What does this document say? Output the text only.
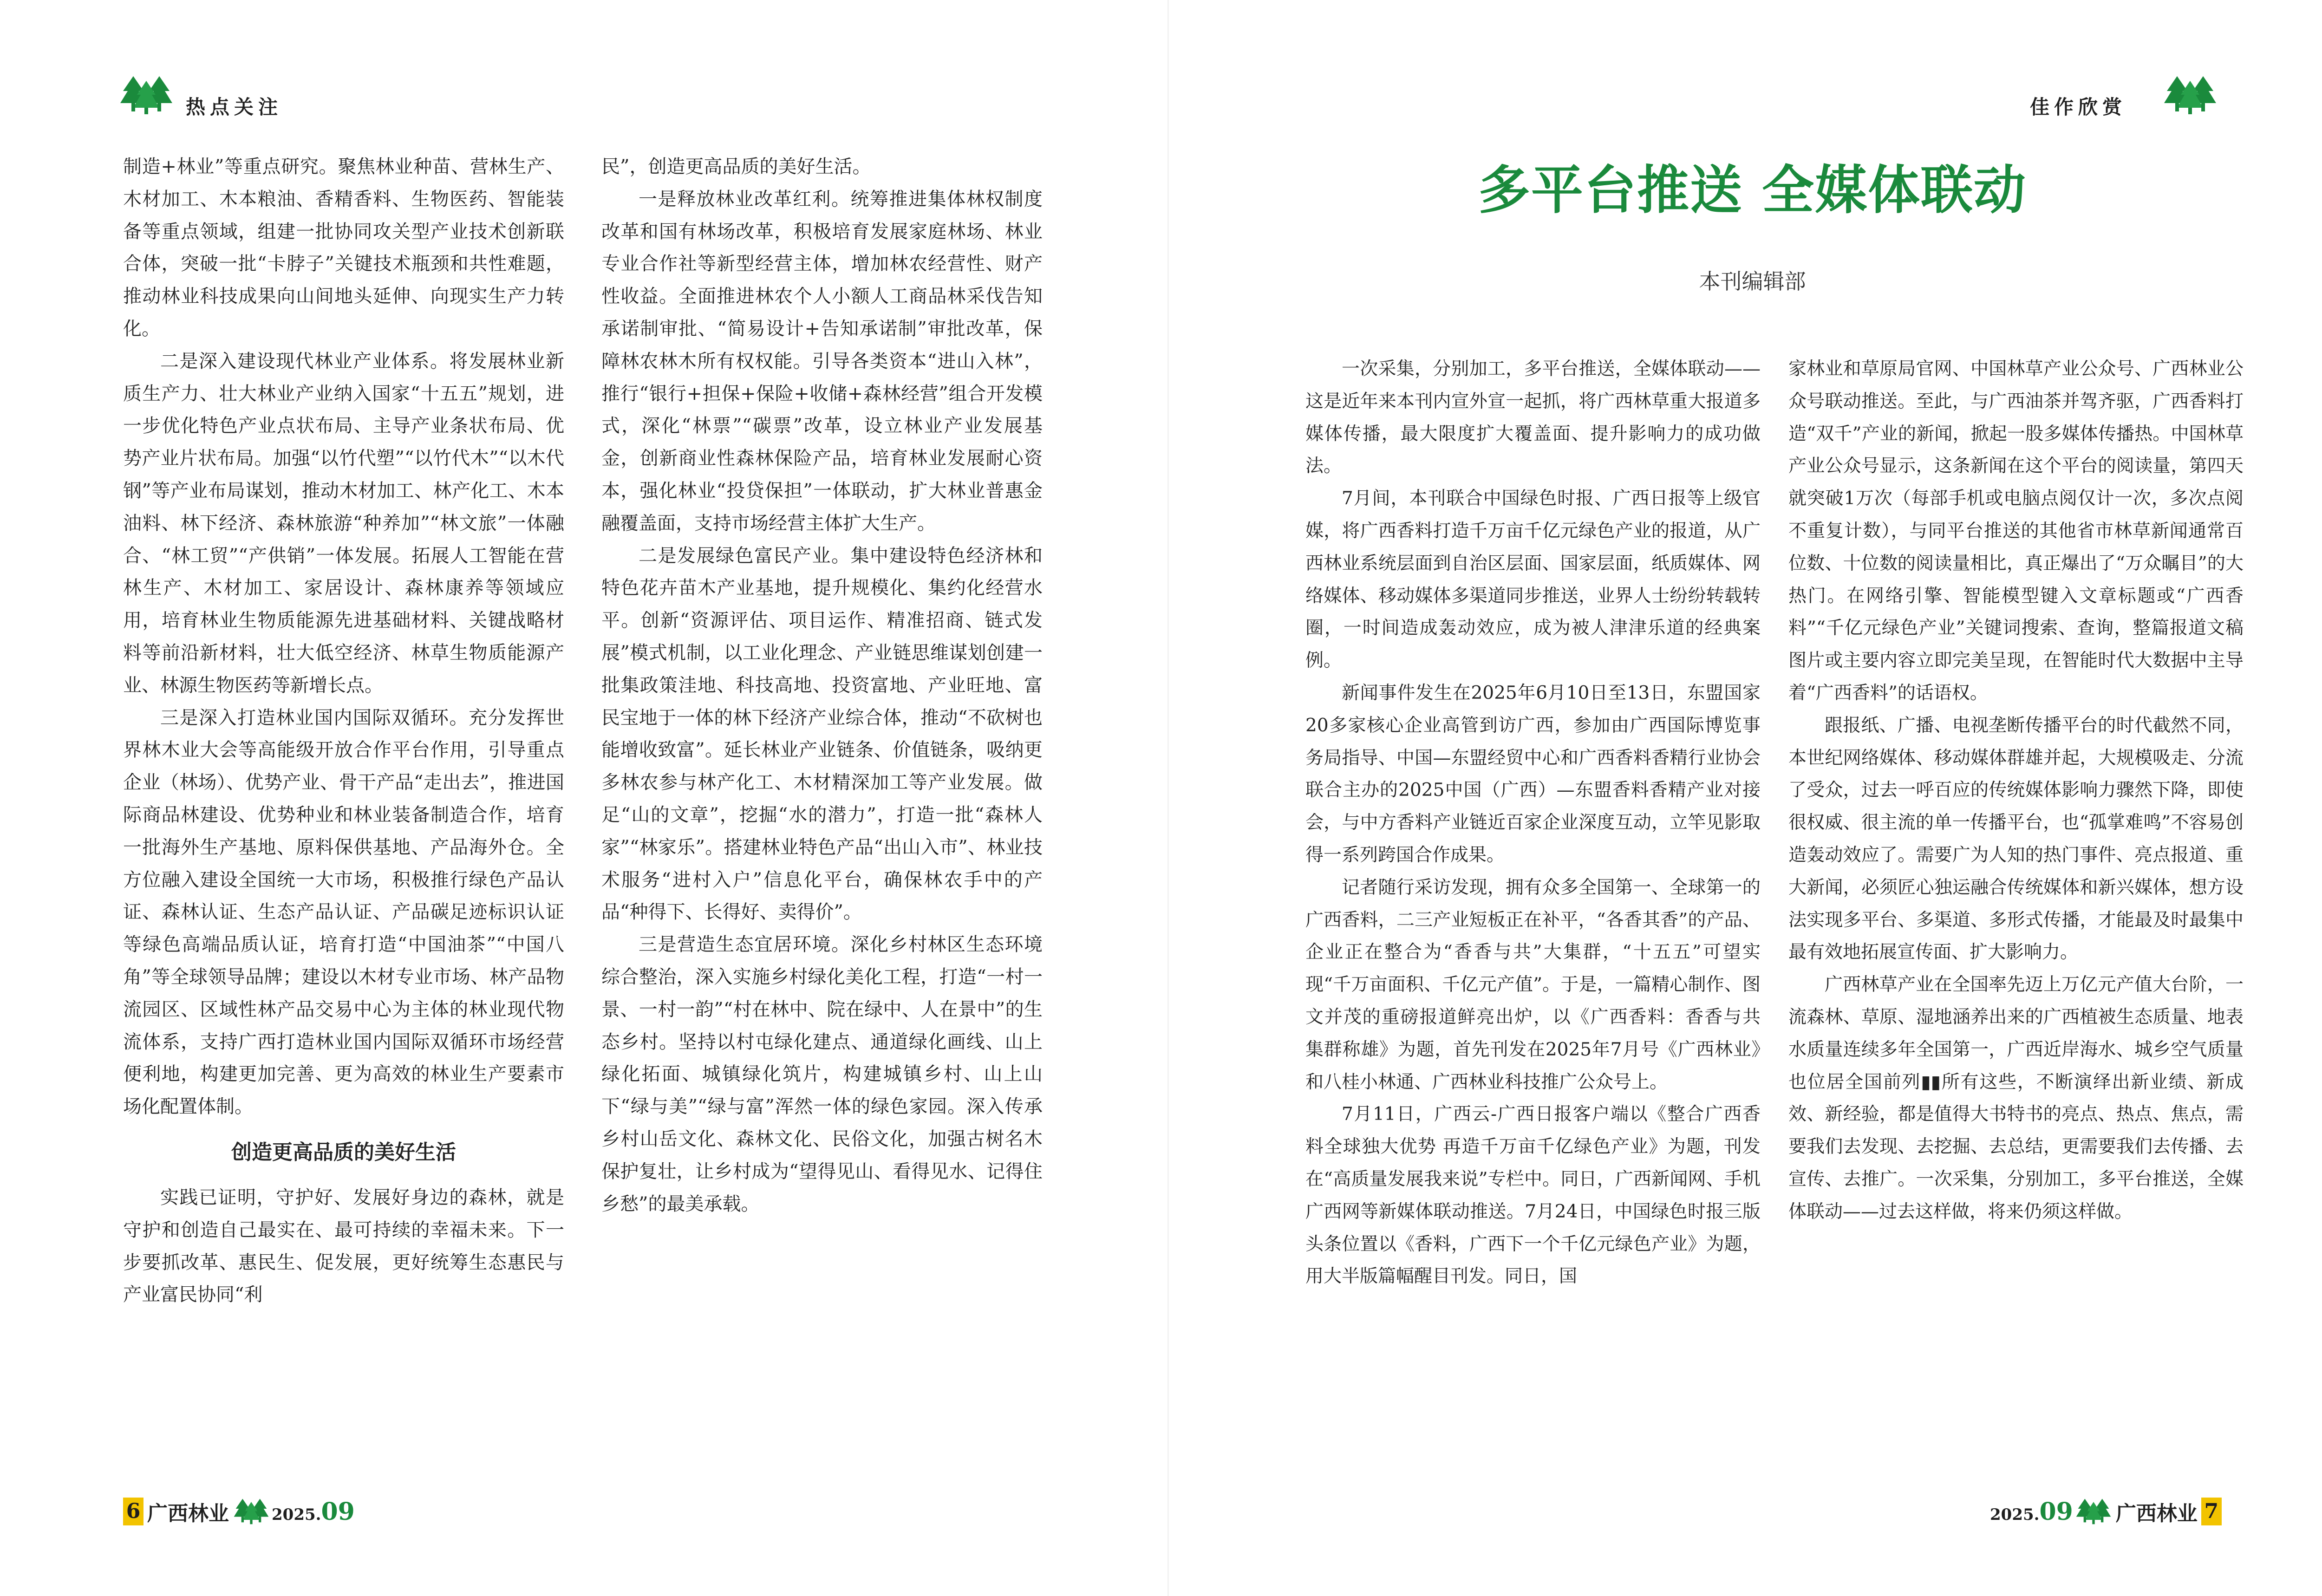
热点关注

制造+林业”等重点研究。聚焦林业种苗、营林生产、木材加工、木本粮油、香精香料、生物医药、智能装备等重点领域，组建一批协同攻关型产业技术创新联合体，突破一批“卡脖子”关键技术瓶颈和共性难题，推动林业科技成果向山间地头延伸、向现实生产力转化。

二是深入建设现代林业产业体系。将发展林业新质生产力、壮大林业产业纳入国家“十五五”规划，进一步优化特色产业点状布局、主导产业条状布局、优势产业片状布局。加强“以竹代塑”“以竹代木”“以木代钢”等产业布局谋划，推动木材加工、林产化工、木本油料、林下经济、森林旅游“种养加”“林文旅”一体融合、“林工贸”“产供销”一体发展。拓展人工智能在营林生产、木材加工、家居设计、森林康养等领域应用，培育林业生物质能源先进基础材料、关键战略材料等前沿新材料，壮大低空经济、林草生物质能源产业、林源生物医药等新增长点。

三是深入打造林业国内国际双循环。充分发挥世界林木业大会等高能级开放合作平台作用，引导重点企业（林场）、优势产业、骨干产品“走出去”，推进国际商品林建设、优势种业和林业装备制造合作，培育一批海外生产基地、原料保供基地、产品海外仓。全方位融入建设全国统一大市场，积极推行绿色产品认证、森林认证、生态产品认证、产品碳足迹标识认证等绿色高端品质认证，培育打造“中国油茶”“中国八角”等全球领导品牌；建设以木材专业市场、林产品物流园区、区域性林产品交易中心为主体的林业现代物流体系，支持广西打造林业国内国际双循环市场经营便利地，构建更加完善、更为高效的林业生产要素市场化配置体制。

创造更高品质的美好生活

实践已证明，守护好、发展好身边的森林，就是守护和创造自己最实在、最可持续的幸福未来。下一步要抓改革、惠民生、促发展，更好统筹生态惠民与产业富民协同“利

民”，创造更高品质的美好生活。

一是释放林业改革红利。统筹推进集体林权制度改革和国有林场改革，积极培育发展家庭林场、林业专业合作社等新型经营主体，增加林农经营性、财产性收益。全面推进林农个人小额人工商品林采伐告知承诺制审批、“简易设计+告知承诺制”审批改革，保障林农林木所有权权能。引导各类资本“进山入林”，推行“银行+担保+保险+收储+森林经营”组合开发模式，深化“林票”“碳票”改革，设立林业产业发展基金，创新商业性森林保险产品，培育林业发展耐心资本，强化林业“投贷保担”一体联动，扩大林业普惠金融覆盖面，支持市场经营主体扩大生产。

二是发展绿色富民产业。集中建设特色经济林和特色花卉苗木产业基地，提升规模化、集约化经营水平。创新“资源评估、项目运作、精准招商、链式发展”模式机制，以工业化理念、产业链思维谋划创建一批集政策洼地、科技高地、投资富地、产业旺地、富民宝地于一体的林下经济产业综合体，推动“不砍树也能增收致富”。延长林业产业链条、价值链条，吸纳更多林农参与林产化工、木材精深加工等产业发展。做足“山的文章”，挖掘“水的潜力”，打造一批“森林人家”“林家乐”。搭建林业特色产品“出山入市”、林业技术服务“进村入户”信息化平台，确保林农手中的产品“种得下、长得好、卖得价”。

三是营造生态宜居环境。深化乡村林区生态环境综合整治，深入实施乡村绿化美化工程，打造“一村一景、一村一韵”“村在林中、院在绿中、人在景中”的生态乡村。坚持以村屯绿化建点、通道绿化画线、山上绿化拓面、城镇绿化筑片，构建城镇乡村、山上山下“绿与美”“绿与富”浑然一体的绿色家园。深入传承乡村山岳文化、森林文化、民俗文化，加强古树名木保护复壮，让乡村成为“望得见山、看得见水、记得住乡愁”的最美承载。

6 广西林业	2025.09
佳作欣赏
多平台推送 全媒体联动
本刊编辑部

一次采集，分别加工，多平台推送，全媒体联动——这是近年来本刊内宣外宣一起抓，将广西林草重大报道多媒体传播，最大限度扩大覆盖面、提升影响力的成功做法。

7月间，本刊联合中国绿色时报、广西日报等上级官媒，将广西香料打造千万亩千亿元绿色产业的报道，从广西林业系统层面到自治区层面、国家层面，纸质媒体、网络媒体、移动媒体多渠道同步推送，业界人士纷纷转载转圈，一时间造成轰动效应，成为被人津津乐道的经典案例。

新闻事件发生在2025年6月10日至13日，东盟国家20多家核心企业高管到访广西，参加由广西国际博览事务局指导、中国—东盟经贸中心和广西香料香精行业协会联合主办的2025中国（广西）—东盟香料香精产业对接会，与中方香料产业链近百家企业深度互动，立竿见影取得一系列跨国合作成果。

记者随行采访发现，拥有众多全国第一、全球第一的广西香料，二三产业短板正在补平，“各香其香”的产品、企业正在整合为“香香与共”大集群，“十五五”可望实现“千万亩面积、千亿元产值”。于是，一篇精心制作、图文并茂的重磅报道鲜亮出炉，以《广西香料：香香与共 集群称雄》为题，首先刊发在2025年7月号《广西林业》和八桂小林通、广西林业科技推广公众号上。

7月11日，广西云-广西日报客户端以《整合广西香料全球独大优势 再造千万亩千亿绿色产业》为题，刊发在“高质量发展我来说”专栏中。同日，广西新闻网、手机广西网等新媒体联动推送。7月24日，中国绿色时报三版头条位置以《香料，广西下一个千亿元绿色产业》为题，用大半版篇幅醒目刊发。同日，国

家林业和草原局官网、中国林草产业公众号、广西林业公众号联动推送。至此，与广西油茶并驾齐驱，广西香料打造“双千”产业的新闻，掀起一股多媒体传播热。中国林草产业公众号显示，这条新闻在这个平台的阅读量，第四天就突破1万次（每部手机或电脑点阅仅计一次，多次点阅不重复计数），与同平台推送的其他省市林草新闻通常百位数、十位数的阅读量相比，真正爆出了“万众瞩目”的大热门。在网络引擎、智能模型键入文章标题或“广西香料”“千亿元绿色产业”关键词搜索、查询，整篇报道文稿图片或主要内容立即完美呈现，在智能时代大数据中主导着“广西香料”的话语权。

跟报纸、广播、电视垄断传播平台的时代截然不同，本世纪网络媒体、移动媒体群雄并起，大规模吸走、分流了受众，过去一呼百应的传统媒体影响力骤然下降，即使很权威、很主流的单一传播平台，也“孤掌难鸣”不容易创造轰动效应了。需要广为人知的热门事件、亮点报道、重大新闻，必须匠心独运融合传统媒体和新兴媒体，想方设法实现多平台、多渠道、多形式传播，才能最及时最集中最有效地拓展宣传面、扩大影响力。

广西林草产业在全国率先迈上万亿元产值大台阶，一流森林、草原、湿地涵养出来的广西植被生态质量、地表水质量连续多年全国第一，广西近岸海水、城乡空气质量也位居全国前列▮▮所有这些，不断演绎出新业绩、新成效、新经验，都是值得大书特书的亮点、热点、焦点，需要我们去发现、去挖掘、去总结，更需要我们去传播、去宣传、去推广。一次采集，分别加工，多平台推送，全媒体联动——过去这样做，将来仍须这样做。

2025.09 广西林业 7
